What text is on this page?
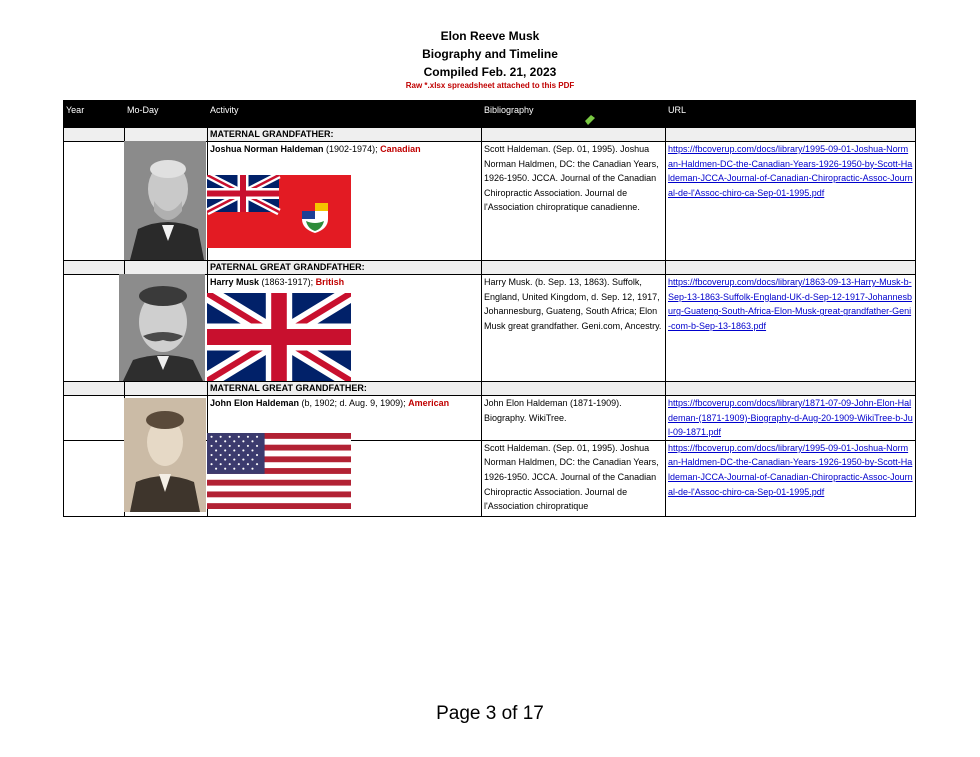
Elon Reeve Musk
Biography and Timeline
Compiled Feb. 21, 2023
Raw *.xlsx spreadsheet attached to this PDF
Year	Mo-Day	Activity	Bibliography	URL
		MATERNAL GRANDFATHER:		
		Joshua Norman Haldeman (1902-1974); Canadian	Scott Haldeman. (Sep. 01, 1995). Joshua Norman Haldmen, DC: the Canadian Years, 1926-1950. JCCA. Journal of the Canadian Chiropractic Association. Journal de l'Association chiropratique canadienne.	https://fbcoverup.com/docs/library/1995-09-01-Joshua-Norman-Haldmen-DC-the-Canadian-Years-1926-1950-by-Scott-Haldeman-JCCA-Journal-of-Canadian-Chiropractic-Assoc-Journal-de-l'Assoc-chiro-ca-Sep-01-1995.pdf
		PATERNAL GREAT GRANDFATHER:		
		Harry Musk (1863-1917); British	Harry Musk. (b. Sep. 13, 1863). Suffolk, England, United Kingdom, d. Sep. 12, 1917, Johannesburg, Guateng, South Africa; Elon Musk great grandfather. Geni.com, Ancestry.	https://fbcoverup.com/docs/library/1863-09-13-Harry-Musk-b-Sep-13-1863-Suffolk-England-UK-d-Sep-12-1917-Johannesburg-Guateng-South-Africa-Elon-Musk-great-grandfather-Geni-com-b-Sep-13-1863.pdf
		MATERNAL GREAT GRANDFATHER:		
		John Elon Haldeman (b, 1902; d. Aug. 9, 1909); American	John Elon Haldeman (1871-1909). Biography. WikiTree.	https://fbcoverup.com/docs/library/1871-07-09-John-Elon-Haldeman-(1871-1909)-Biography-d-Aug-20-1909-WikiTree-b-Jul-09-1871.pdf
			Scott Haldeman. (Sep. 01, 1995). Joshua Norman Haldmen, DC: the Canadian Years, 1926-1950. JCCA. Journal of the Canadian Chiropractic Association. Journal de l'Association chiropratique	https://fbcoverup.com/docs/library/1995-09-01-Joshua-Norman-Haldmen-DC-the-Canadian-Years-1926-1950-by-Scott-Haldeman-JCCA-Journal-of-Canadian-Chiropractic-Assoc-Journal-de-l'Assoc-chiro-ca-Sep-01-1995.pdf
Page 3 of 17
